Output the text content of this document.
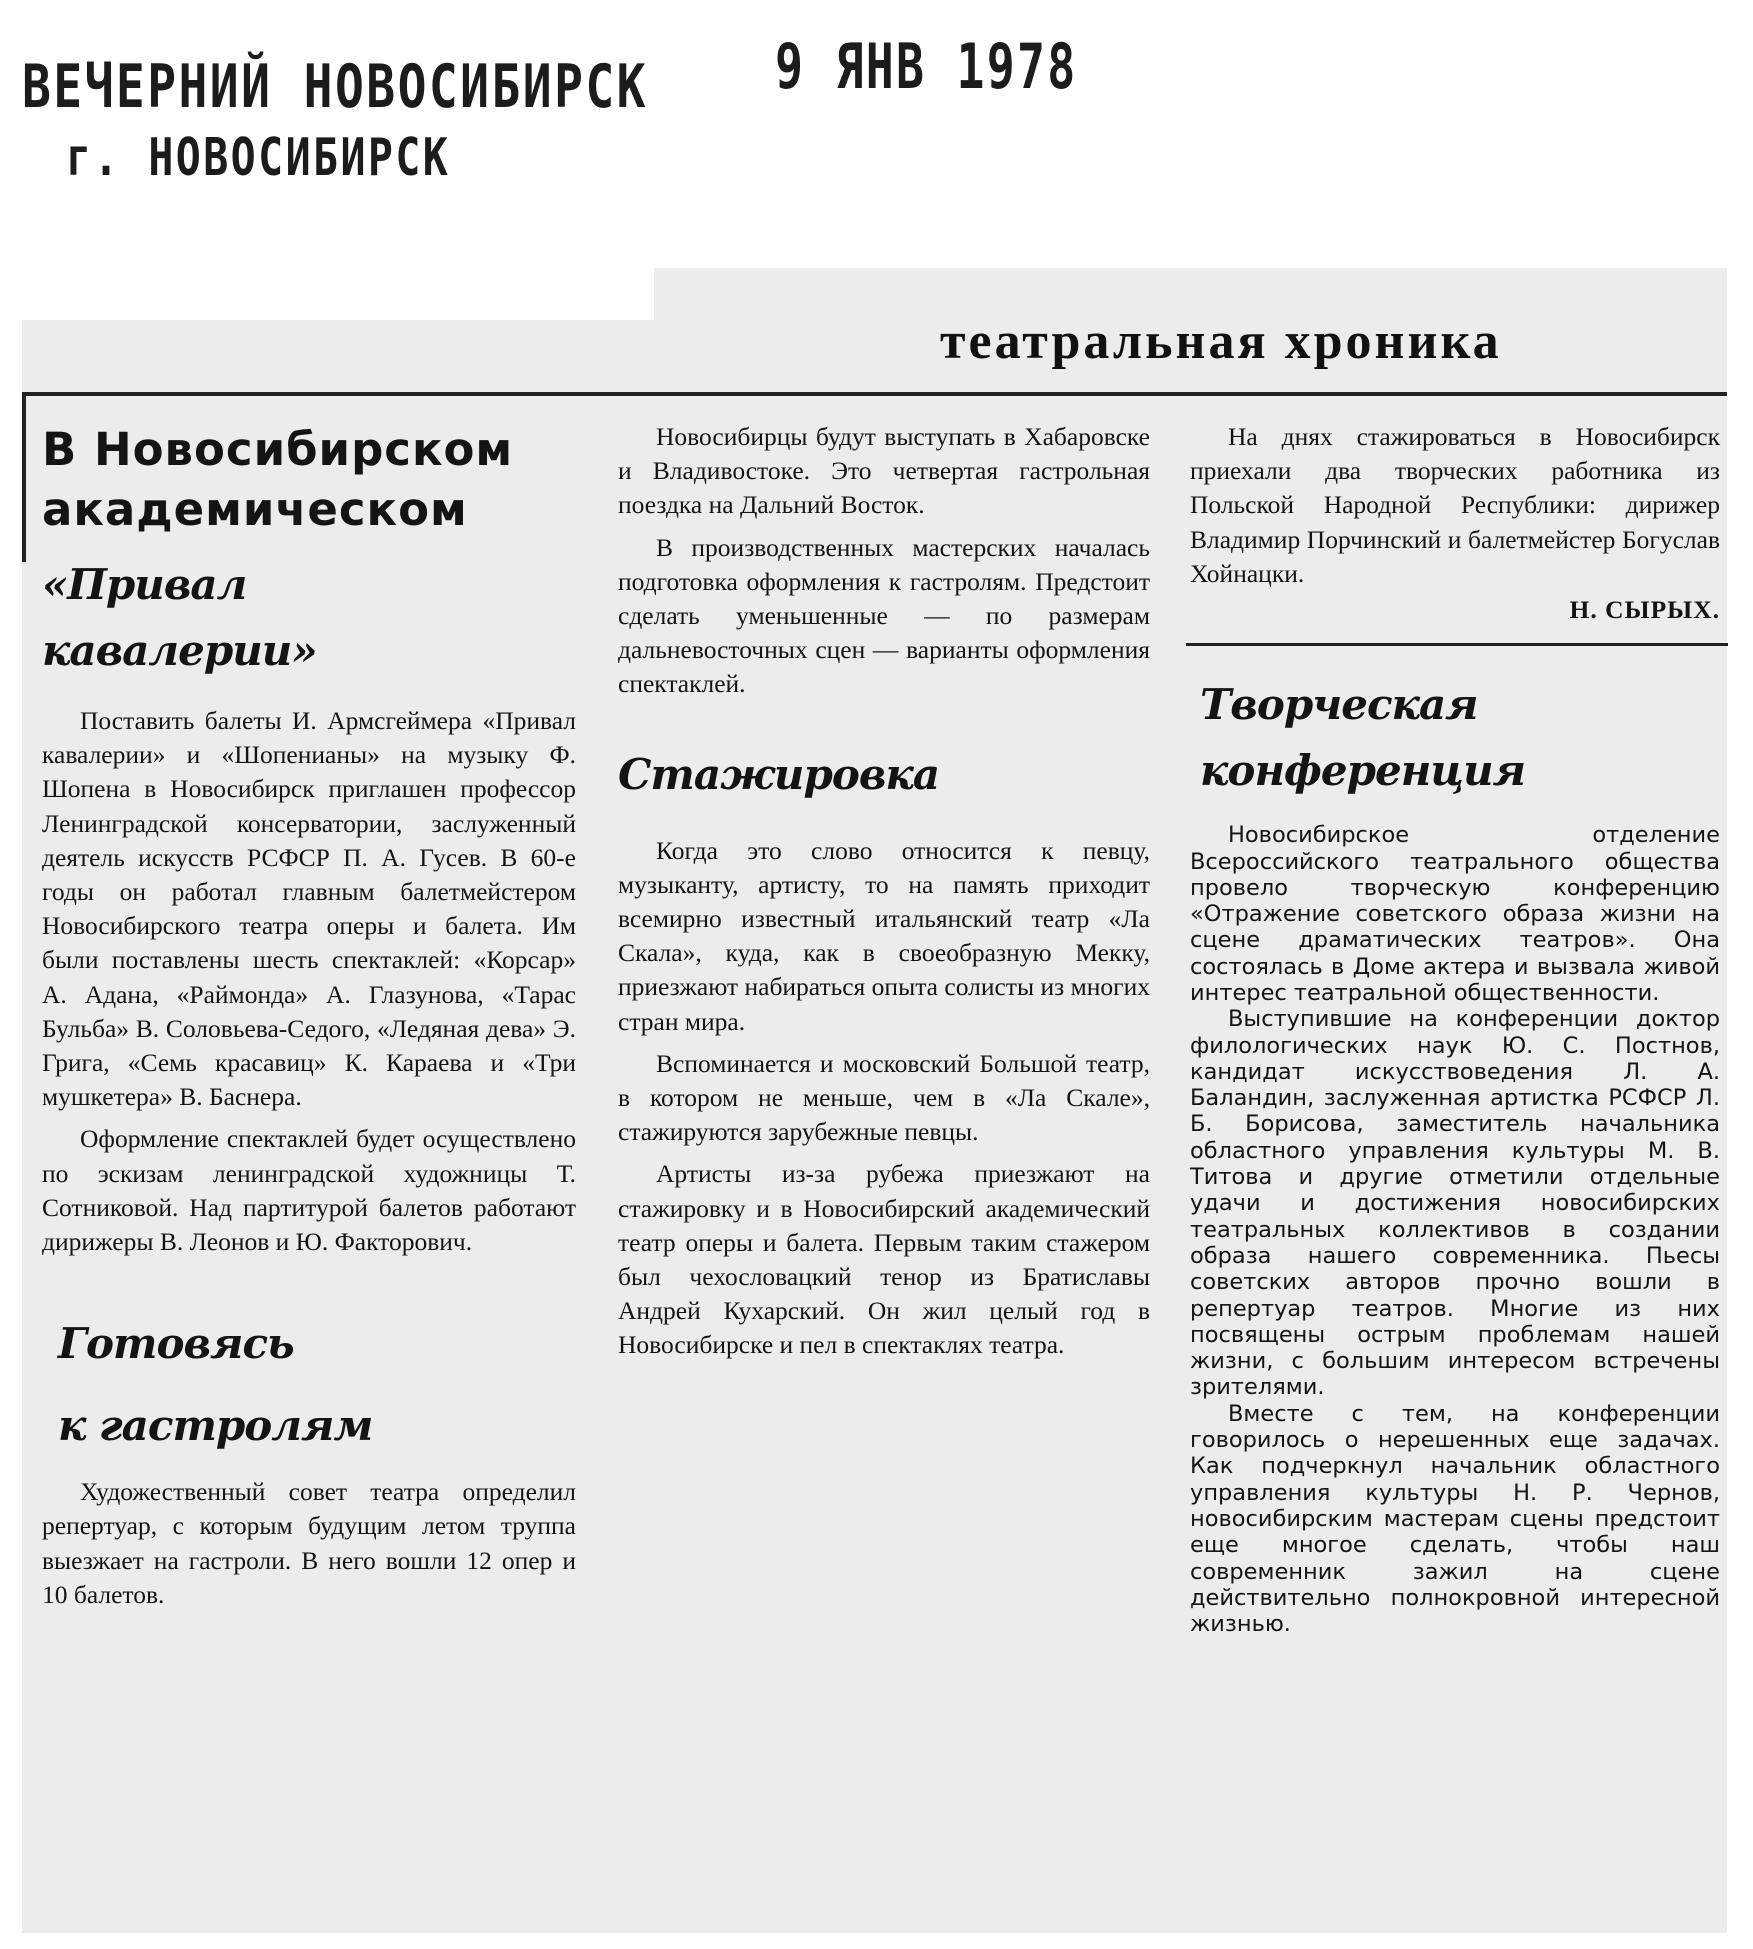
ВЕЧЕРНИЙ НОВОСИБИРСК
г. НОВОСИБИРСК
9 ЯНВ 1978
театральная хроника
В Новосибирском
академическом
«Привал
кавалерии»

Поставить балеты И. Армсгеймера «Привал кавалерии» и «Шопенианы» на музыку Ф. Шопена в Новосибирск приглашен профессор Ленинградской консерватории, заслуженный деятель искусств РСФСР П. А. Гусев. В 60-е годы он работал главным балетмейстером Новосибирского театра оперы и балета. Им были поставлены шесть спектаклей: «Корсар» А. Адана, «Раймонда» А. Глазунова, «Тарас Бульба» В. Соловьева-Седого, «Ледяная дева» Э. Грига, «Семь красавиц» К. Караева и «Три мушкетера» В. Баснера.

Оформление спектаклей будет осуществлено по эскизам ленинградской художницы Т. Сотниковой. Над партитурой балетов работают дирижеры В. Леонов и Ю. Факторович.

Готовясь
к гастролям

Художественный совет театра определил репертуар, с которым будущим летом труппа выезжает на гастроли. В него вошли 12 опер и 10 балетов.

Новосибирцы будут выступать в Хабаровске и Владивостоке. Это четвертая гастрольная поездка на Дальний Восток.

В производственных мастерских началась подготовка оформления к гастролям. Предстоит сделать уменьшенные — по размерам дальневосточных сцен — варианты оформления спектаклей.

Стажировка

Когда это слово относится к певцу, музыканту, артисту, то на память приходит всемирно известный итальянский театр «Ла Скала», куда, как в своеобразную Мекку, приезжают набираться опыта солисты из многих стран мира.

Вспоминается и московский Большой театр, в котором не меньше, чем в «Ла Скале», стажируются зарубежные певцы.

Артисты из-за рубежа приезжают на стажировку и в Новосибирский академический театр оперы и балета. Первым таким стажером был чехословацкий тенор из Братиславы Андрей Кухарский. Он жил целый год в Новосибирске и пел в спектаклях театра.

На днях стажироваться в Новосибирск приехали два творческих работника из Польской Народной Республики: дирижер Владимир Порчинский и балетмейстер Богуслав Хойнацки.

Н. СЫРЫХ.
Творческая
конференция

Новосибирское отделение Всероссийского театрального общества провело творческую конференцию «Отражение советского образа жизни на сцене драматических театров». Она состоялась в Доме актера и вызвала живой интерес театральной общественности.

Выступившие на конференции доктор филологических наук Ю. С. Постнов, кандидат искусствоведения Л. А. Баландин, заслуженная артистка РСФСР Л. Б. Борисова, заместитель начальника областного управления культуры М. В. Титова и другие отметили отдельные удачи и достижения новосибирских театральных коллективов в создании образа нашего современника. Пьесы советских авторов прочно вошли в репертуар театров. Многие из них посвящены острым проблемам нашей жизни, с большим интересом встречены зрителями.

Вместе с тем, на конференции говорилось о нерешенных еще задачах. Как подчеркнул начальник областного управления культуры Н. Р. Чернов, новосибирским мастерам сцены предстоит еще многое сделать, чтобы наш современник зажил на сцене действительно полнокровной интересной жизнью.
